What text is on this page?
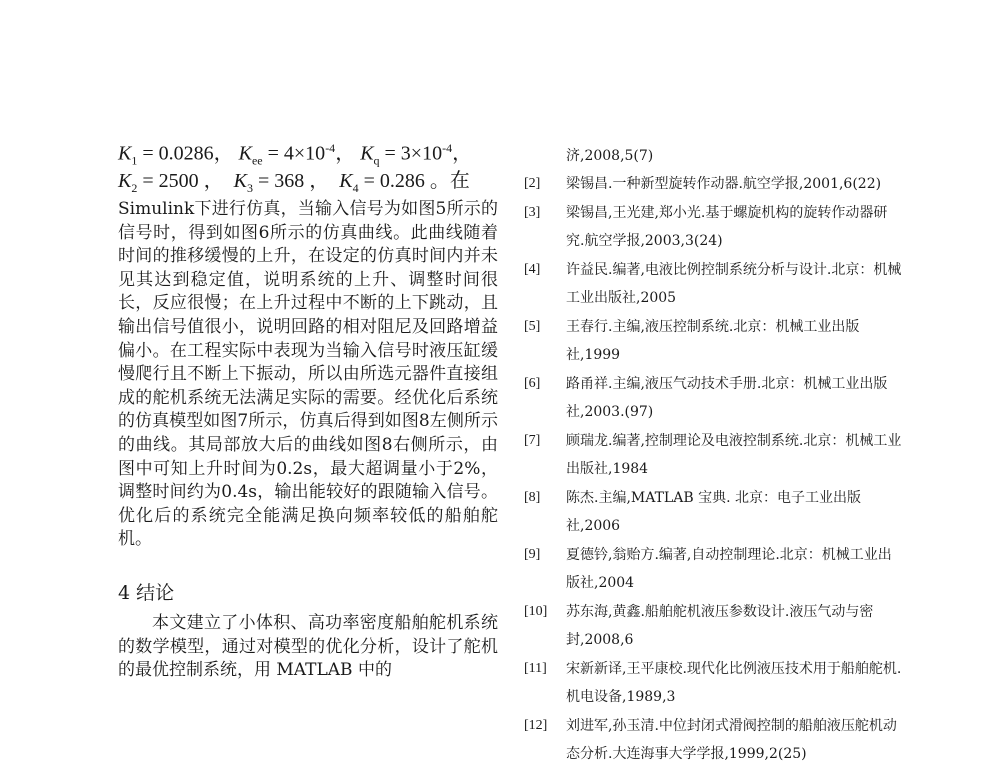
$K_1 = 0.0286$， $K_{ee} = 4\times 10^{-4}$， $K_q = 3\times 10^{-4}$，
$K_2 = 2500$ ，  $K_3 = 368$ ，  $K_4 = 0.286$ 。在
Simulink下进行仿真，当输入信号为如图5所示的信号时，得到如图6所示的仿真曲线。此曲线随着时间的推移缓慢的上升，在设定的仿真时间内并未见其达到稳定值，说明系统的上升、调整时间很长，反应很慢；在上升过程中不断的上下跳动，且输出信号值很小，说明回路的相对阻尼及回路增益偏小。在工程实际中表现为当输入信号时液压缸缓慢爬行且不断上下振动，所以由所选元器件直接组成的舵机系统无法满足实际的需要。经优化后系统的仿真模型如图7所示，仿真后得到如图8左侧所示的曲线。其局部放大后的曲线如图8右侧所示，由图中可知上升时间为0.2s，最大超调量小于2%，调整时间约为0.4s，输出能较好的跟随输入信号。优化后的系统完全能满足换向频率较低的船舶舵机。
4 结论
本文建立了小体积、高功率密度船舶舵机系统的数学模型，通过对模型的优化分析，设计了舵机的最优控制系统，用 MATLAB 中的
济,2008,5(7)
[2] 梁锡昌.一种新型旋转作动器.航空学报,2001,6(22)
[3] 梁锡昌,王光建,郑小光.基于螺旋机构的旋转作动器研究.航空学报,2003,3(24)
[4] 许益民.编著,电液比例控制系统分析与设计.北京：机械工业出版社,2005
[5] 王春行.主编,液压控制系统.北京：机械工业出版社,1999
[6] 路甬祥.主编,液压气动技术手册.北京：机械工业出版社,2003.(97)
[7] 顾瑞龙.编著,控制理论及电液控制系统.北京：机械工业出版社,1984
[8] 陈杰.主编,MATLAB 宝典. 北京：电子工业出版社,2006
[9] 夏德钤,翁贻方.编著,自动控制理论.北京：机械工业出版社,2004
[10] 苏东海,黄鑫.船舶舵机液压参数设计.液压气动与密封,2008,6
[11] 宋新新译,王平康校.现代化比例液压技术用于船舶舵机.机电设备,1989,3
[12] 刘进军,孙玉清.中位封闭式滑阀控制的船舶液压舵机动态分析.大连海事大学学报,1999,2(25)
